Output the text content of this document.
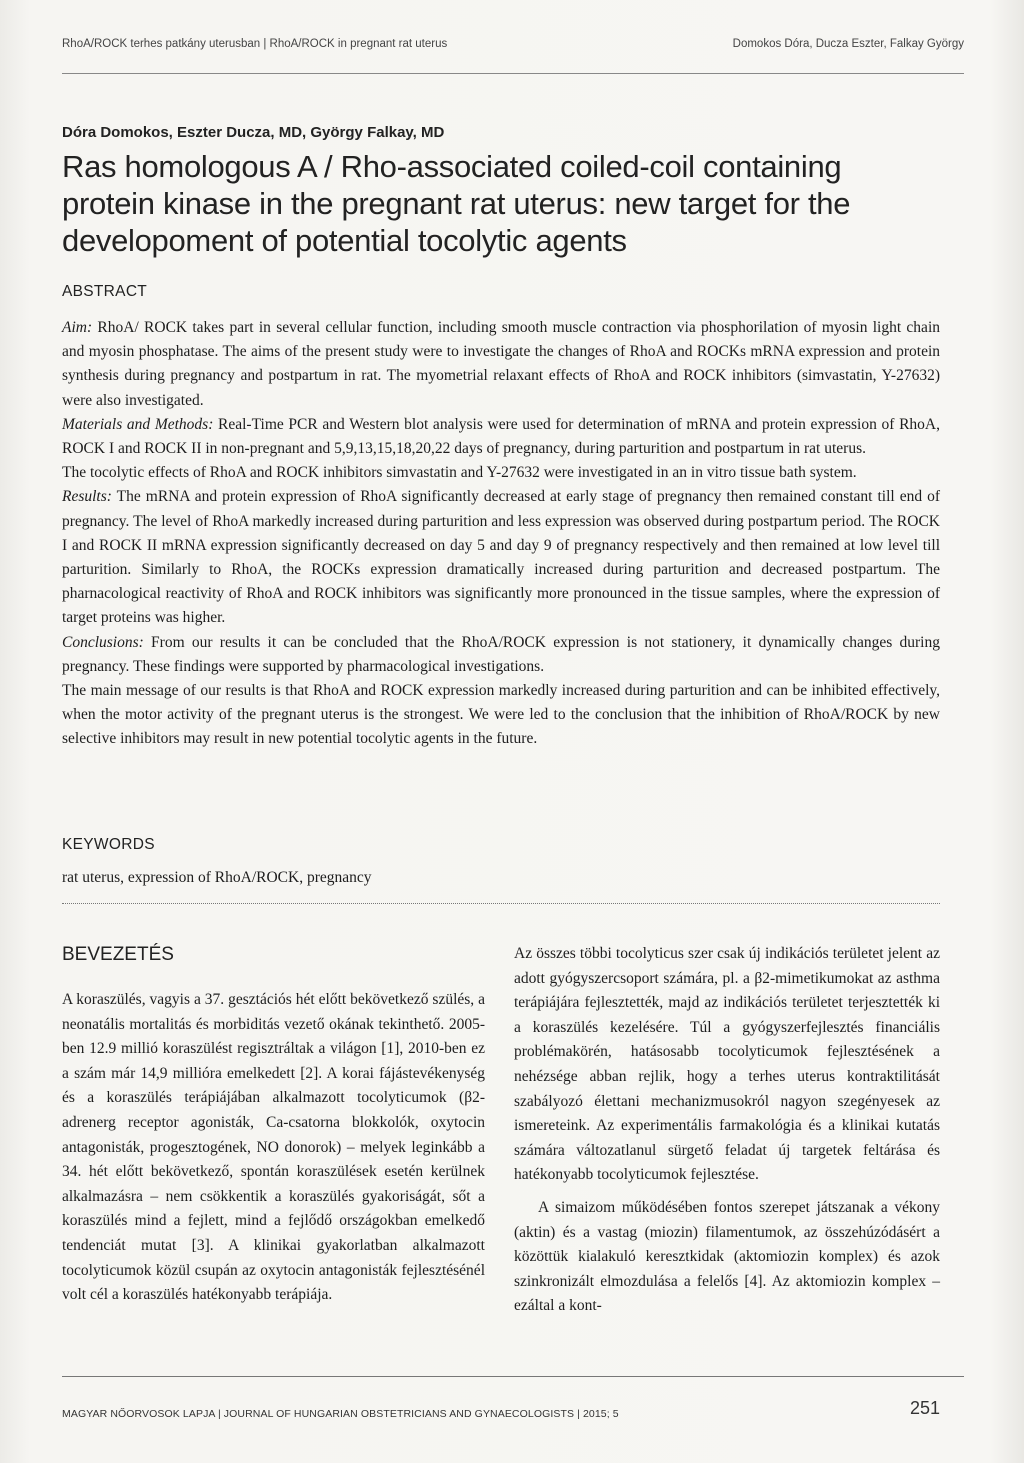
RhoA/ROCK terhes patkány uterusban | RhoA/ROCK in pregnant rat uterus	Domokos Dóra, Ducza Eszter, Falkay György
Dóra Domokos, Eszter Ducza, MD, György Falkay, MD
Ras homologous A / Rho-associated coiled-coil containing protein kinase in the pregnant rat uterus: new target for the developoment of potential tocolytic agents
ABSTRACT

Aim: RhoA/ ROCK takes part in several cellular function, including smooth muscle contraction via phosphorilation of myosin light chain and myosin phosphatase. The aims of the present study were to investigate the changes of RhoA and ROCKs mRNA expression and protein synthesis during pregnancy and postpartum in rat. The myometrial relaxant effects of RhoA and ROCK inhibitors (simvastatin, Y-27632) were also investigated.

Materials and Methods: Real-Time PCR and Western blot analysis were used for determination of mRNA and protein expression of RhoA, ROCK I and ROCK II in non-pregnant and 5,9,13,15,18,20,22 days of pregnancy, during parturition and postpartum in rat uterus.

The tocolytic effects of RhoA and ROCK inhibitors simvastatin and Y-27632 were investigated in an in vitro tissue bath system.

Results: The mRNA and protein expression of RhoA significantly decreased at early stage of pregnancy then remained constant till end of pregnancy. The level of RhoA markedly increased during parturition and less expression was observed during postpartum period. The ROCK I and ROCK II mRNA expression significantly decreased on day 5 and day 9 of pregnancy respectively and then remained at low level till parturition. Similarly to RhoA, the ROCKs expression dramatically increased during parturition and decreased postpartum. The pharnacological reactivity of RhoA and ROCK inhibitors was significantly more pronounced in the tissue samples, where the expression of target proteins was higher.

Conclusions: From our results it can be concluded that the RhoA/ROCK expression is not stationery, it dynamically changes during pregnancy. These findings were supported by pharmacological investigations.

The main message of our results is that RhoA and ROCK expression markedly increased during parturition and can be inhibited effectively, when the motor activity of the pregnant uterus is the strongest. We were led to the conclusion that the inhibition of RhoA/ROCK by new selective inhibitors may result in new potential tocolytic agents in the future.

KEYWORDS
rat uterus, expression of RhoA/ROCK, pregnancy
BEVEZETÉS

A koraszülés, vagyis a 37. gesztációs hét előtt bekövetkező szülés, a neonatális mortalitás és morbiditás vezető okának tekinthető. 2005-ben 12.9 millió koraszülést regisztráltak a világon [1], 2010-ben ez a szám már 14,9 millióra emelkedett [2]. A korai fájástevékenység és a koraszülés terápiájában alkalmazott tocolyticumok (β2- adrenerg receptor agonisták, Ca-csatorna blokkolók, oxytocin antagonisták, progesztogének, NO donorok) – melyek leginkább a 34. hét előtt bekövetkező, spontán koraszülések esetén kerülnek alkalmazásra – nem csökkentik a koraszülés gyakoriságát, sőt a koraszülés mind a fejlett, mind a fejlődő országokban emelkedő tendenciát mutat [3]. A klinikai gyakorlatban alkalmazott tocolyticumok közül csupán az oxytocin antagonisták fejlesztésénél volt cél a koraszülés hatékonyabb terápiája.

Az összes többi tocolyticus szer csak új indikációs területet jelent az adott gyógyszercsoport számára, pl. a β2-mimetikumokat az asthma terápiájára fejlesztették, majd az indikációs területet terjesztették ki a koraszülés kezelésére. Túl a gyógyszerfejlesztés financiális problémakörén, hatásosabb tocolyticumok fejlesztésének a nehézsége abban rejlik, hogy a terhes uterus kontraktilitását szabályozó élettani mechanizmusokról nagyon szegényesek az ismereteink. Az experimentális farmakológia és a klinikai kutatás számára változatlanul sürgető feladat új targetek feltárása és hatékonyabb tocolyticumok fejlesztése.

A simaizom működésében fontos szerepet játszanak a vékony (aktin) és a vastag (miozin) filamentumok, az összehúzódásért a közöttük kialakuló keresztkidak (aktomiozin komplex) és azok szinkronizált elmozdulása a felelős [4]. Az aktomiozin komplex – ezáltal a kont-

MAGYAR NŐORVOSOK LAPJA | JOURNAL OF HUNGARIAN OBSTETRICIANS AND GYNAECOLOGISTS | 2015; 5	251
